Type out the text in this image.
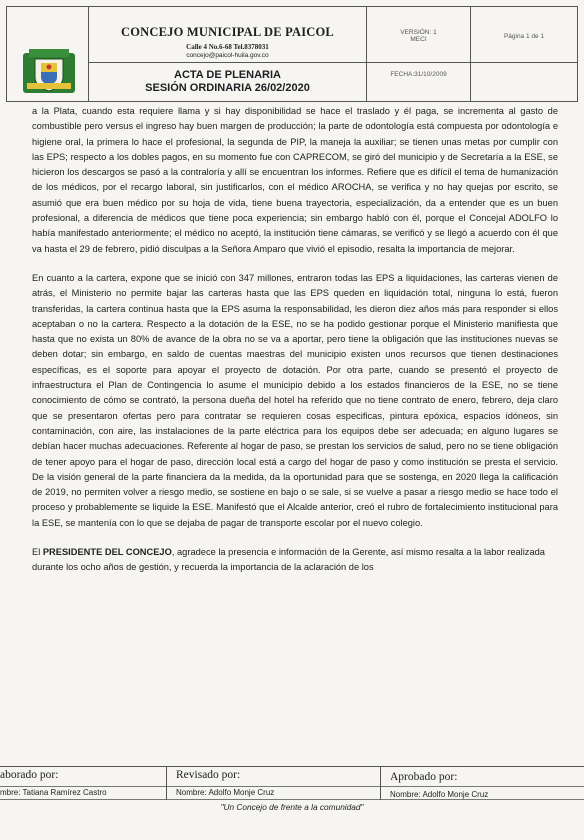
CONCEJO MUNICIPAL DE PAICOL
Calle 4 No.6-68 Tel.8378031
concejo@paicol-huila.gov.co
VERSIÓN: 1
MECI	Página 1 de 1
ACTA DE PLENARIA
SESIÓN ORDINARIA 26/02/2020
FECHA:31/10/2009

a la Plata, cuando esta requiere llama y si hay disponibilidad se hace el traslado y él paga, se incrementa al gasto de combustible pero versus el ingreso hay buen margen de producción; la parte de odontología está compuesta por odontología e higiene oral, la primera lo hace el profesional, la segunda de PIP, la maneja la auxiliar; se tienen unas metas por cumplir con las EPS; respecto a los dobles pagos, en su momento fue con CAPRECOM, se giró del municipio y de Secretaría a la ESE, se hicieron los descargos se pasó a la contraloría y allí se encuentran los informes. Refiere que es difícil el tema de humanización de los médicos, por el recargo laboral, sin justificarlos, con el médico AROCHA, se verifica y no hay quejas por escrito, se asumió que era buen médico por su hoja de vida, tiene buena trayectoria, especialización, da a entender que es un buen profesional, a diferencia de médicos que tiene poca experiencia; sin embargo habló con él, porque el Concejal ADOLFO lo había manifestado anteriormente; el médico no aceptó, la institución tiene cámaras, se verificó y se llegó a acuerdo con él que va hasta el 29 de febrero, pidió disculpas a la Señora Amparo que vivió el episodio, resalta la importancia de mejorar.

En cuanto a la cartera, expone que se inició con 347 millones, entraron todas las EPS a liquidaciones, las carteras vienen de atrás, el Ministerio no permite bajar las carteras hasta que las EPS queden en liquidación total, ninguna lo está, fueron transferidas, la cartera continua hasta que la EPS asuma la responsabilidad, les dieron diez años más para responder si ellos aceptaban o no la cartera. Respecto a la dotación de la ESE, no se ha podido gestionar porque el Ministerio manifiesta que hasta que no exista un 80% de avance de la obra no se va a aportar, pero tiene la obligación que las instituciones nuevas se deben dotar; sin embargo, en saldo de cuentas maestras del municipio existen unos recursos que tienen destinaciones específicas, es el soporte para apoyar el proyecto de dotación. Por otra parte, cuando se presentó el proyecto de infraestructura el Plan de Contingencia lo asume el municipio debido a los estados financieros de la ESE, no se tiene conocimiento de cómo se contrató, la persona dueña del hotel ha referido que no tiene contrato de enero, febrero, deja claro que se presentaron ofertas pero para contratar se requieren cosas especificas, pintura epóxica, espacios idóneos, sin contaminación, con aire, las instalaciones de la parte eléctrica para los equipos debe ser adecuada; en alguno lugares se debían hacer muchas adecuaciones. Referente al hogar de paso, se prestan los servicios de salud, pero no se tiene obligación de tener apoyo para el hogar de paso, dirección local está a cargo del hogar de paso y como institución se presta el servicio. De la visión general de la parte financiera da la medida, da la oportunidad para que se sostenga, en 2020 llega la calificación de 2019, no permiten volver a riesgo medio, se sostiene en bajo o se sale, si se vuelve a pasar a riesgo medio se hace todo el proceso y probablemente se liquide la ESE. Manifestó que el Alcalde anterior, creó el rubro de fortalecimiento institucional para la ESE, se mantenía con lo que se dejaba de pagar de transporte escolar por el nuevo colegio.

El PRESIDENTE DEL CONCEJO, agradece la presencia e información de la Gerente, así mismo resalta a la labor realizada durante los ocho años de gestión, y recuerda la importancia de la aclaración de los

aborado por:	Revisado por:	Aprobado por:
mbre: Tatiana Ramírez Castro	Nombre: Adolfo Monje Cruz	Nombre: Adolfo Monje Cruz
"Un Concejo de frente a la comunidad"
